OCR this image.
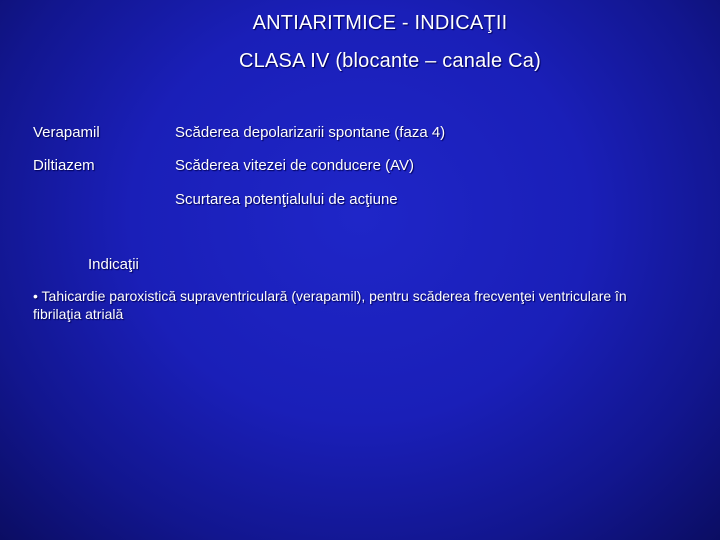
ANTIARITMICE - INDICAŢII
CLASA IV (blocante – canale Ca)
Verapamil
Diltiazem
Scăderea depolarizarii spontane (faza 4)
Scăderea vitezei de conducere (AV)
Scurtarea potenţialului de acţiune
Indicaţii
• Tahicardie paroxistică supraventriculară (verapamil), pentru scăderea frecvenţei ventriculare în fibrilaţia atrială
